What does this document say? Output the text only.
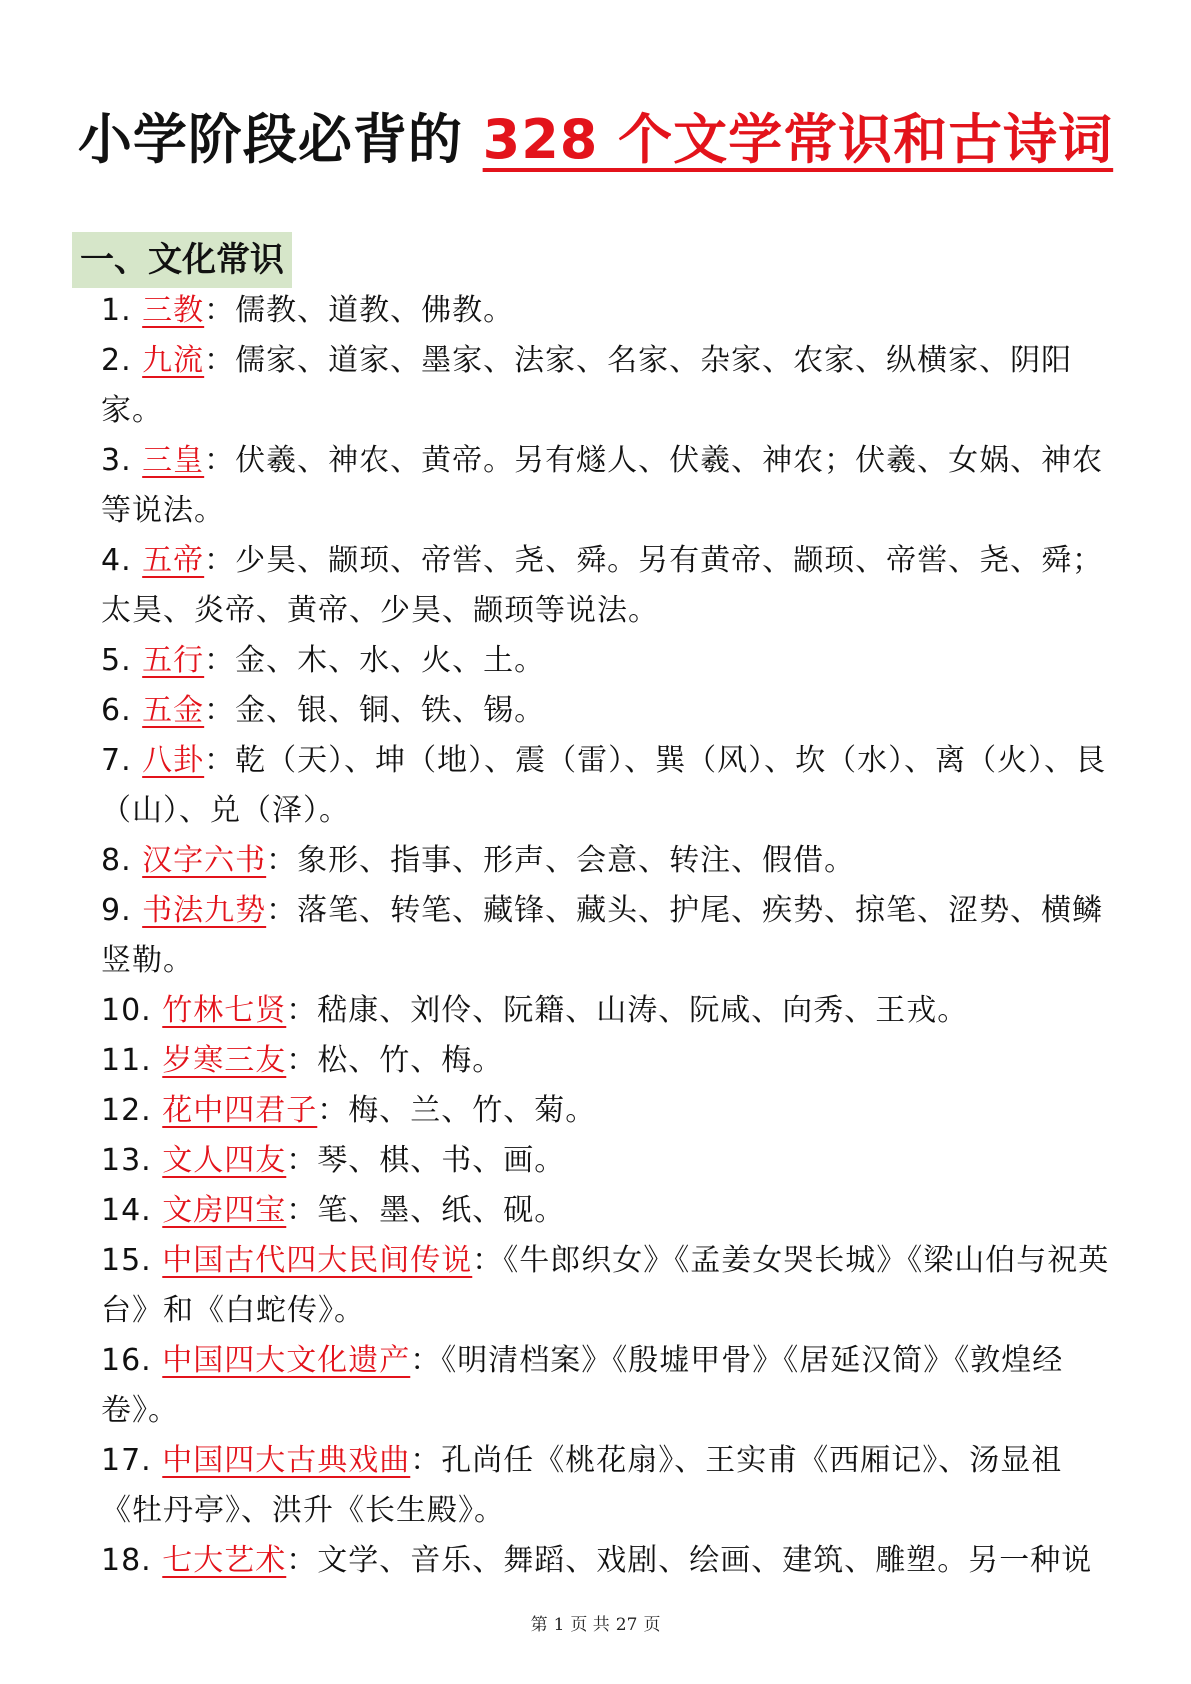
小学阶段必背的 328 个文学常识和古诗词
一、文化常识

1. 三教：儒教、道教、佛教。

2. 九流：儒家、道家、墨家、法家、名家、杂家、农家、纵横家、阴阳家。

3. 三皇：伏羲、神农、黄帝。另有燧人、伏羲、神农；伏羲、女娲、神农等说法。

4. 五帝：少昊、颛顼、帝喾、尧、舜。另有黄帝、颛顼、帝喾、尧、舜；太昊、炎帝、黄帝、少昊、颛顼等说法。

5. 五行：金、木、水、火、土。

6. 五金：金、银、铜、铁、锡。

7. 八卦：乾（天）、坤（地）、震（雷）、巽（风）、坎（水）、离（火）、艮（山）、兑（泽）。

8. 汉字六书：象形、指事、形声、会意、转注、假借。

9. 书法九势：落笔、转笔、藏锋、藏头、护尾、疾势、掠笔、涩势、横鳞竖勒。

10. 竹林七贤：嵇康、刘伶、阮籍、山涛、阮咸、向秀、王戎。

11. 岁寒三友：松、竹、梅。

12. 花中四君子：梅、兰、竹、菊。

13. 文人四友：琴、棋、书、画。

14. 文房四宝：笔、墨、纸、砚。

15. 中国古代四大民间传说：《牛郎织女》《孟姜女哭长城》《梁山伯与祝英台》和《白蛇传》。

16. 中国四大文化遗产：《明清档案》《殷墟甲骨》《居延汉简》《敦煌经卷》。

17. 中国四大古典戏曲：孔尚任《桃花扇》、王实甫《西厢记》、汤显祖《牡丹亭》、洪升《长生殿》。

18. 七大艺术：文学、音乐、舞蹈、戏剧、绘画、建筑、雕塑。另一种说

第 1 页 共 27 页
